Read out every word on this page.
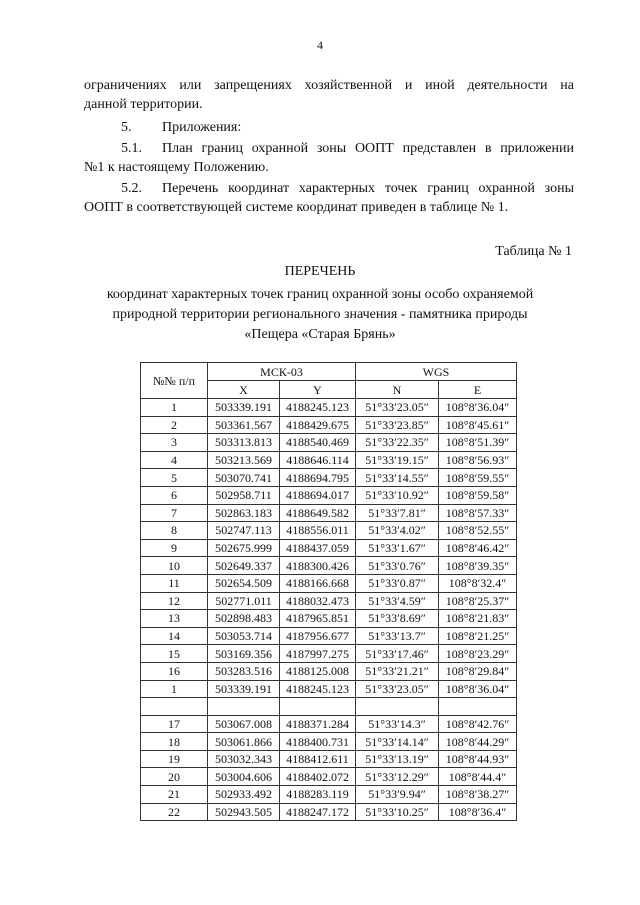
4
ограничениях или запрещениях хозяйственной и иной деятельности на
данной территории.
5. Приложения:
5.1. План границ охранной зоны ООПТ представлен в приложении
№1 к настоящему Положению.
5.2. Перечень координат характерных точек границ охранной зоны
ООПТ в соответствующей системе координат приведен в таблице № 1.
Таблица № 1
ПЕРЕЧЕНЬ
координат характерных точек границ охранной зоны особо охраняемой
природной территории регионального значения - памятника природы
«Пещера «Старая Брянь»
№№ п/п	МСК-03		WGS	
	X	Y	N	E
1	503339.191	4188245.123	51°33′23.05″	108°8′36.04″
2	503361.567	4188429.675	51°33′23.85″	108°8′45.61″
3	503313.813	4188540.469	51°33′22.35″	108°8′51.39″
4	503213.569	4188646.114	51°33′19.15″	108°8′56.93″
5	503070.741	4188694.795	51°33′14.55″	108°8′59.55″
6	502958.711	4188694.017	51°33′10.92″	108°8′59.58″
7	502863.183	4188649.582	51°33′7.81″	108°8′57.33″
8	502747.113	4188556.011	51°33′4.02″	108°8′52.55″
9	502675.999	4188437.059	51°33′1.67″	108°8′46.42″
10	502649.337	4188300.426	51°33′0.76″	108°8′39.35″
11	502654.509	4188166.668	51°33′0.87″	108°8′32.4″
12	502771.011	4188032.473	51°33′4.59″	108°8′25.37″
13	502898.483	4187965.851	51°33′8.69″	108°8′21.83″
14	503053.714	4187956.677	51°33′13.7″	108°8′21.25″
15	503169.356	4187997.275	51°33′17.46″	108°8′23.29″
16	503283.516	4188125.008	51°33′21.21″	108°8′29.84″
1	503339.191	4188245.123	51°33′23.05″	108°8′36.04″

17	503067.008	4188371.284	51°33′14.3″	108°8′42.76″
18	503061.866	4188400.731	51°33′14.14″	108°8′44.29″
19	503032.343	4188412.611	51°33′13.19″	108°8′44.93″
20	503004.606	4188402.072	51°33′12.29″	108°8′44.4″
21	502933.492	4188283.119	51°33′9.94″	108°8′38.27″
22	502943.505	4188247.172	51°33′10.25″	108°8′36.4″
